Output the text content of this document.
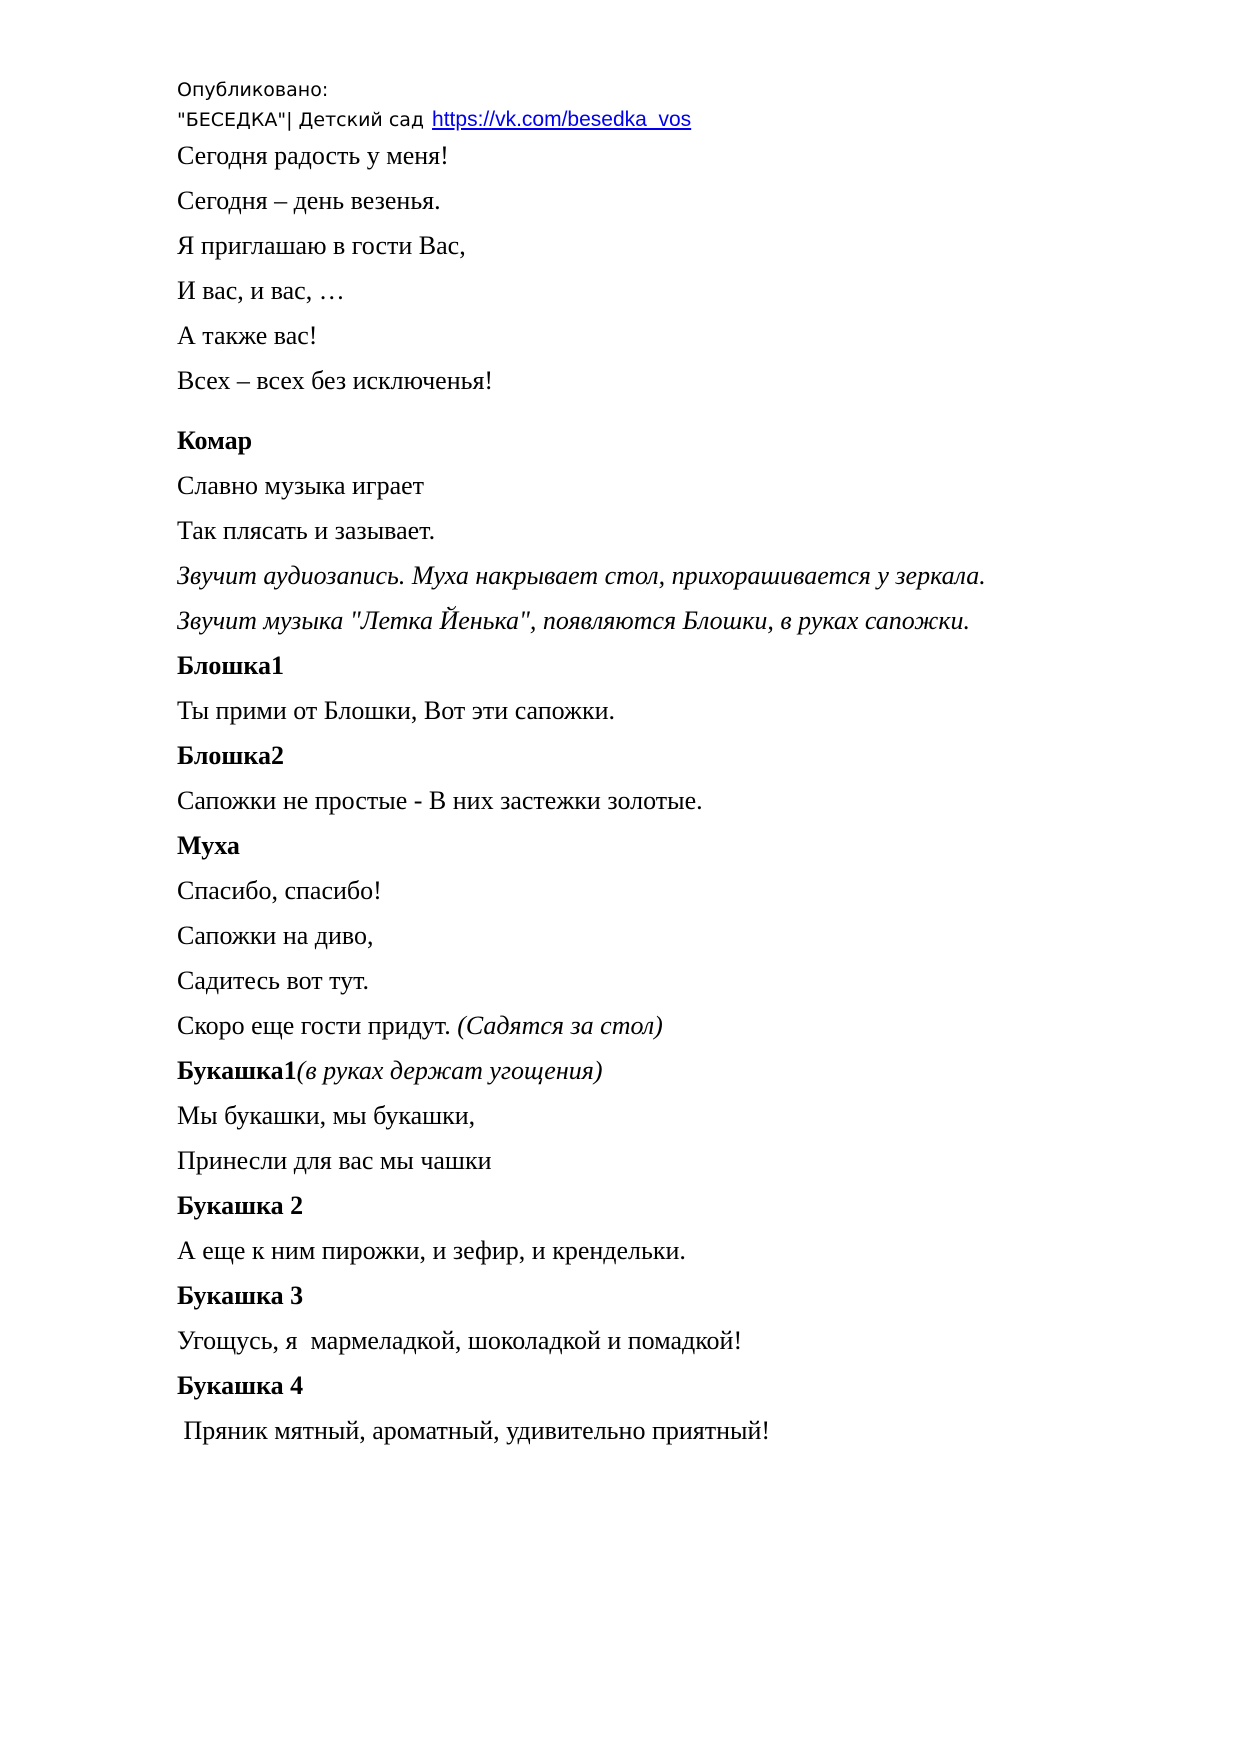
Опубликовано:
"БЕСЕДКА"| Детский сад https://vk.com/besedka_vos
Сегодня радость у меня!
Сегодня – день везенья.
Я приглашаю в гости Вас,
И вас, и вас, …
А также вас!
Всех – всех без исключенья!
Комар
Славно музыка играет
Так плясать и зазывает.
Звучит аудиозапись. Муха накрывает стол, прихорашивается у зеркала.
Звучит музыка "Летка Йенька", появляются Блошки, в руках сапожки.
Блошка1
Ты прими от Блошки, Вот эти сапожки.
Блошка2
Сапожки не простые - В них застежки золотые.
Муха
Спасибо, спасибо!
Сапожки на диво,
Садитесь вот тут.
Скоро еще гости придут. (Садятся за стол)
Букашка1(в руках держат угощения)
Мы букашки, мы букашки,
Принесли для вас мы чашки
Букашка 2
А еще к ним пирожки, и зефир, и крендельки.
Букашка 3
Угощусь, я  мармеладкой, шоколадкой и помадкой!
Букашка 4
Пряник мятный, ароматный, удивительно приятный!
